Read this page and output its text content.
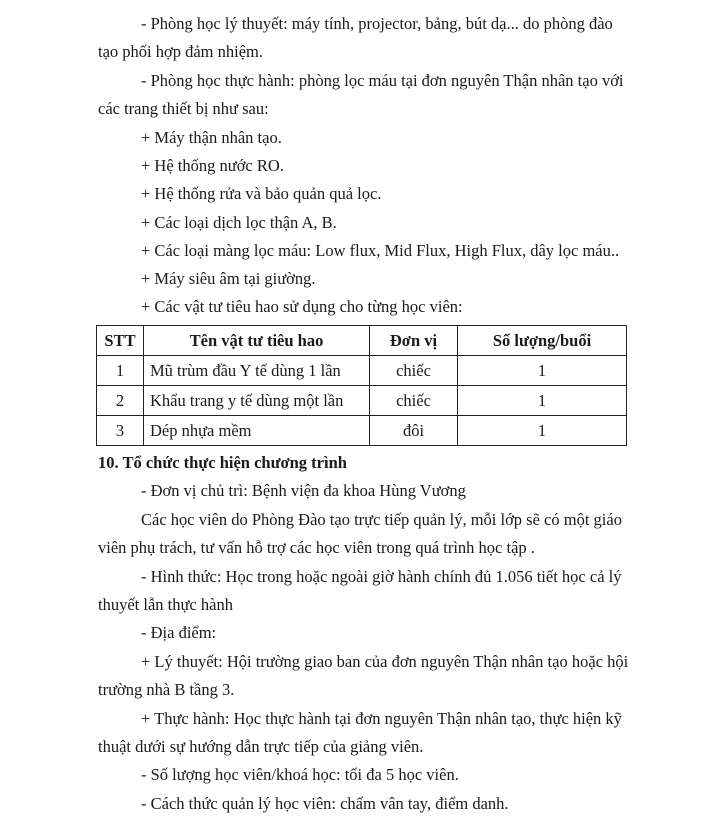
- Phòng học lý thuyết: máy tính, projector, bảng, bút dạ... do phòng đào
tạo phối hợp đảm nhiệm.
- Phòng học thực hành: phòng lọc máu tại đơn nguyên Thận nhân tạo với
các trang thiết bị như sau:
+ Máy thận nhân tạo.
+ Hệ thống nước RO.
+ Hệ thống rửa và bảo quản quả lọc.
+ Các loại dịch lọc thận A, B.
+ Các loại màng lọc máu: Low flux, Mid Flux, High Flux, dây lọc máu..
+ Máy siêu âm tại giường.
+ Các vật tư tiêu hao sử dụng cho từng học viên:
STT	Tên vật tư tiêu hao	Đơn vị	Số lượng/buổi
1	Mũ trùm đầu Y tế dùng 1 lần	chiếc	1
2	Khẩu trang y tế dùng một lần	chiếc	1
3	Dép nhựa mềm	đôi	1
10. Tổ chức thực hiện chương trình
- Đơn vị chủ trì: Bệnh viện đa khoa Hùng Vương
Các học viên do Phòng Đào tạo trực tiếp quản lý, mỗi lớp sẽ có một giáo
viên phụ trách, tư vấn hỗ trợ các học viên trong quá trình học tập .
- Hình thức: Học trong hoặc ngoài giờ hành chính đủ 1.056 tiết học cả lý
thuyết lẫn thực hành
- Địa điểm:
+ Lý thuyết: Hội trường giao ban của đơn nguyên Thận nhân tạo hoặc hội
trường nhà B tầng 3.
+ Thực hành: Học thực hành tại đơn nguyên Thận nhân tạo, thực hiện kỹ
thuật dưới sự hướng dẫn trực tiếp của giảng viên.
- Số lượng học viên/khoá học: tối đa 5 học viên.
- Cách thức quản lý học viên: chấm vân tay, điểm danh.
